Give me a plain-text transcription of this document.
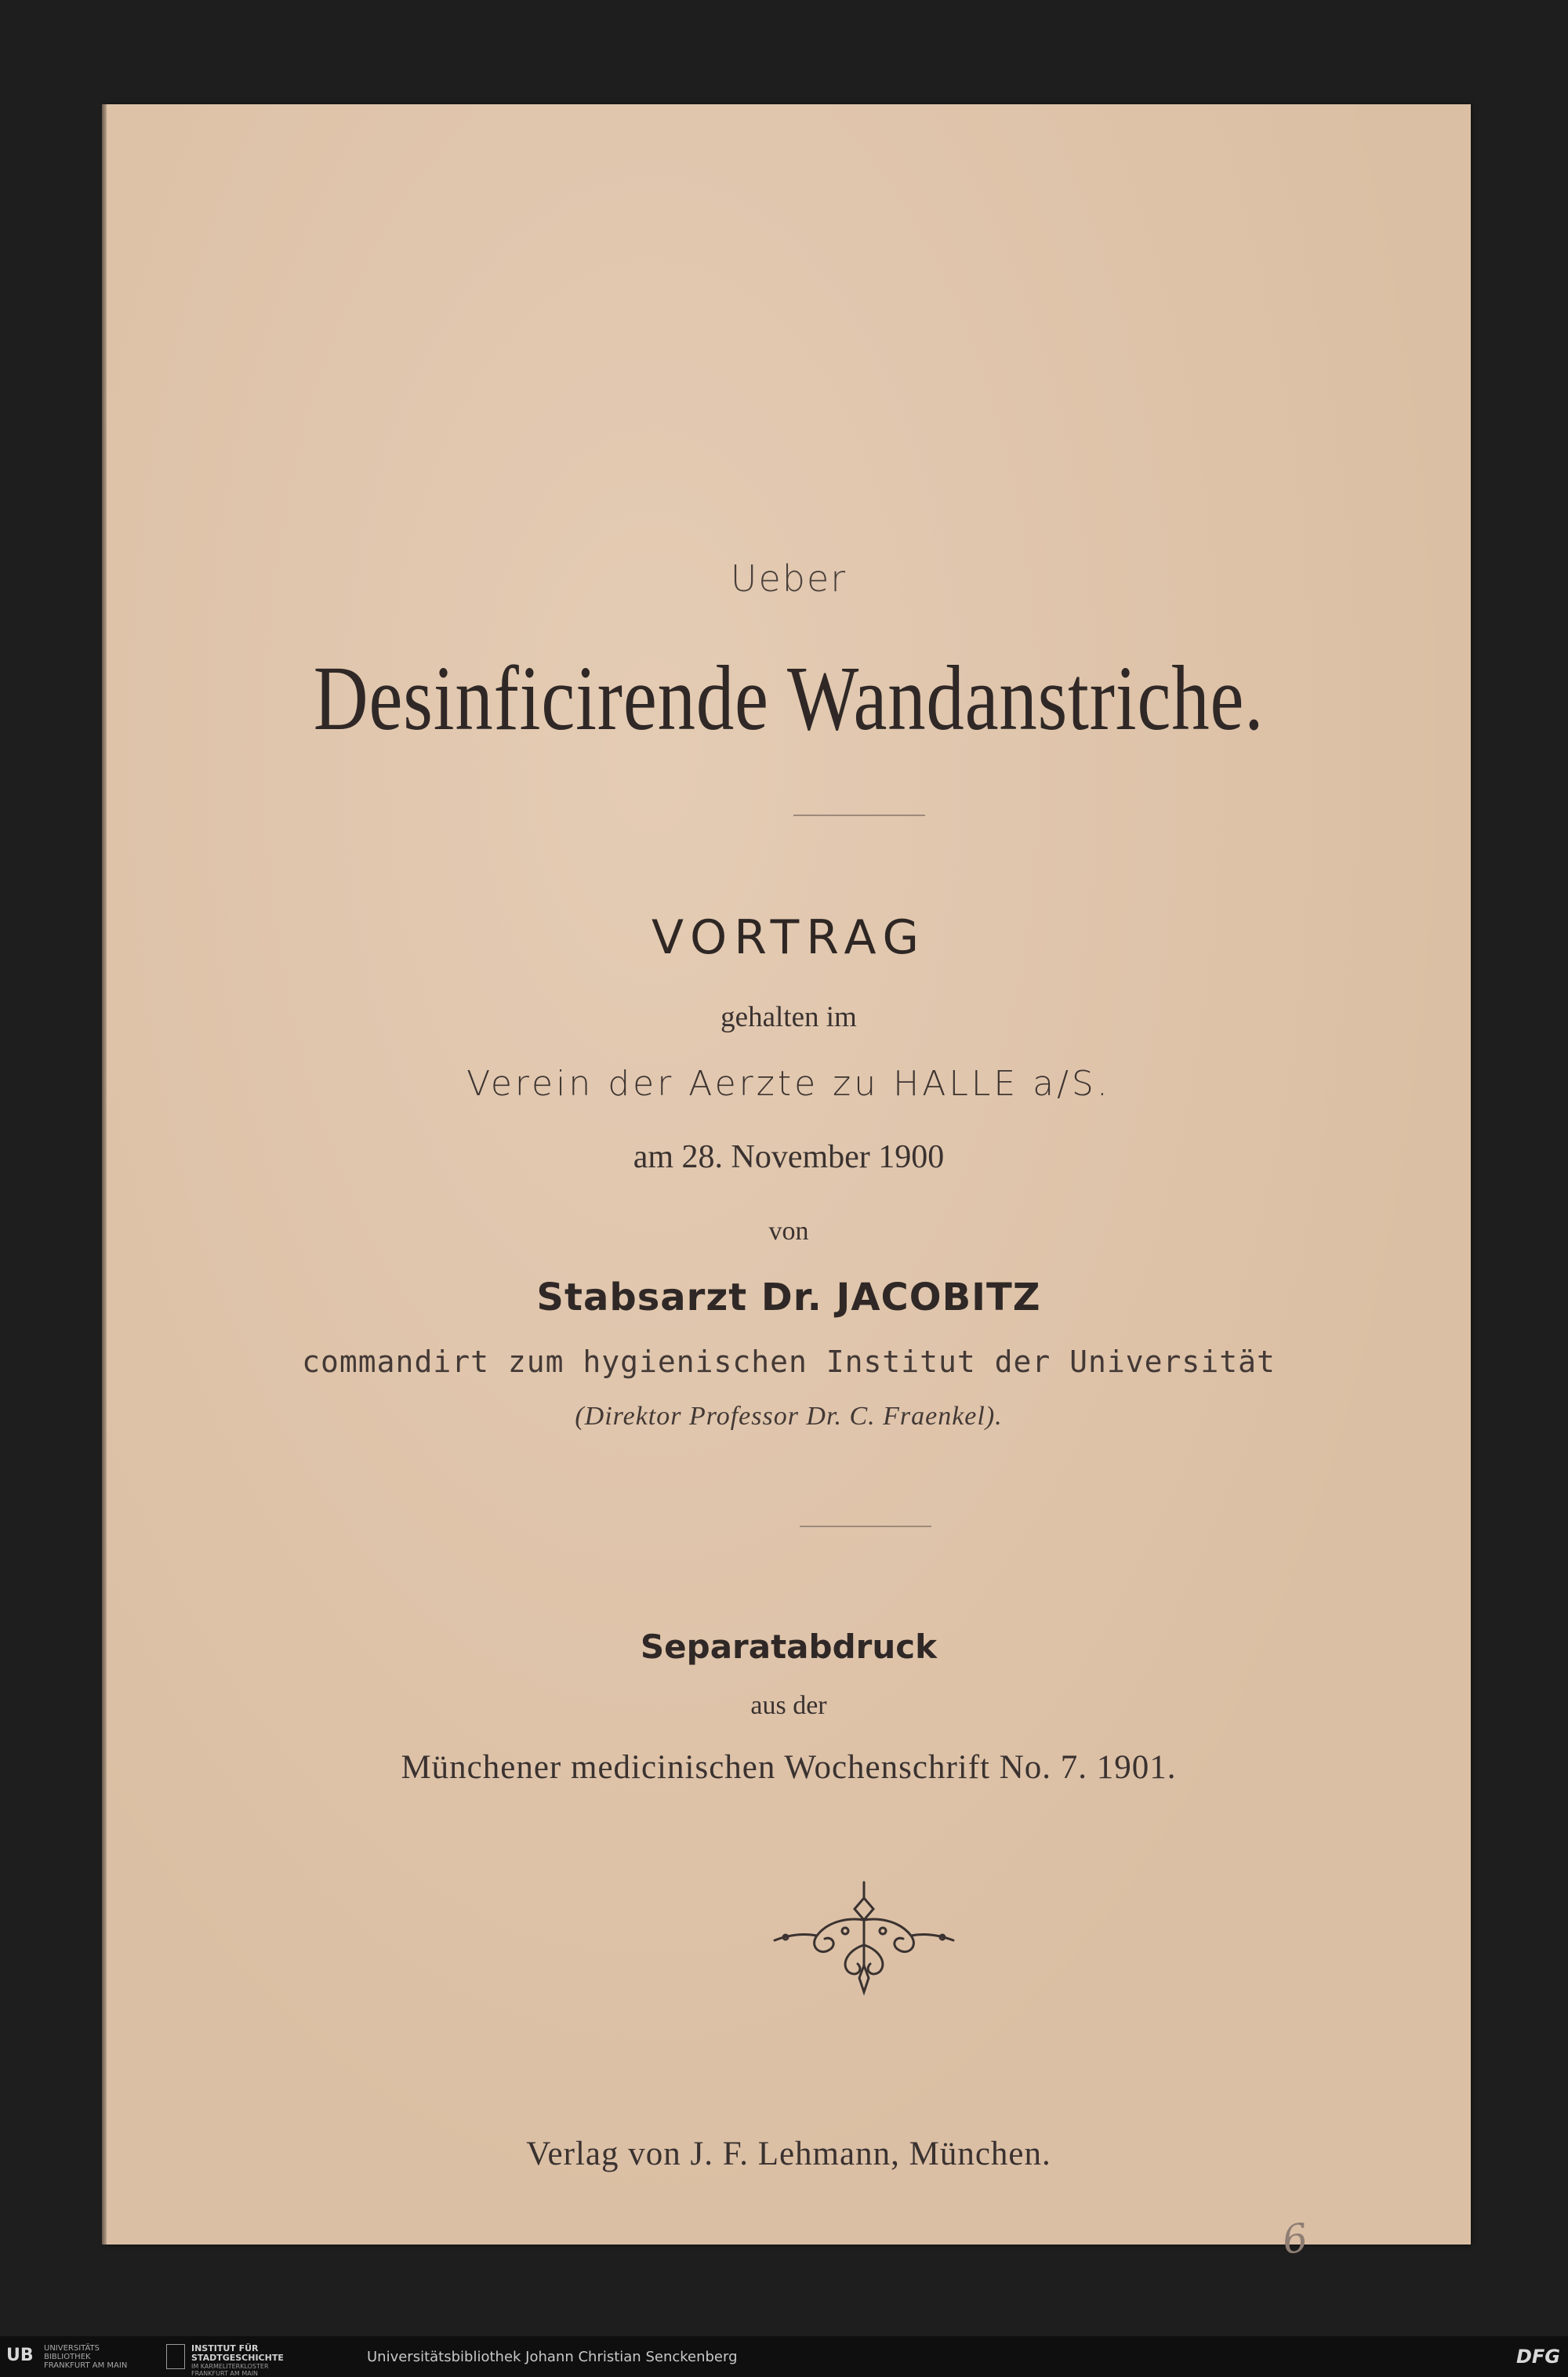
Ueber
Desinficirende Wandanstriche.
VORTRAG
gehalten im
Verein der Aerzte zu HALLE a/S.
am 28. November 1900
von
Stabsarzt Dr. JACOBITZ
commandirt zum hygienischen Institut der Universität
(Direktor Professor Dr. C. Fraenkel).
Separatabdruck
aus der
Münchener medicinischen Wochenschrift No. 7. 1901.
Verlag von J. F. Lehmann, München.
6
UB UNIVERSITÄTS
BIBLIOTHEK
FRANKFURT AM MAIN
INSTITUT FÜR
STADTGESCHICHTE
IM KARMELITERKLOSTER
FRANKFURT AM MAIN
Universitätsbibliothek Johann Christian Senckenberg	DFG
